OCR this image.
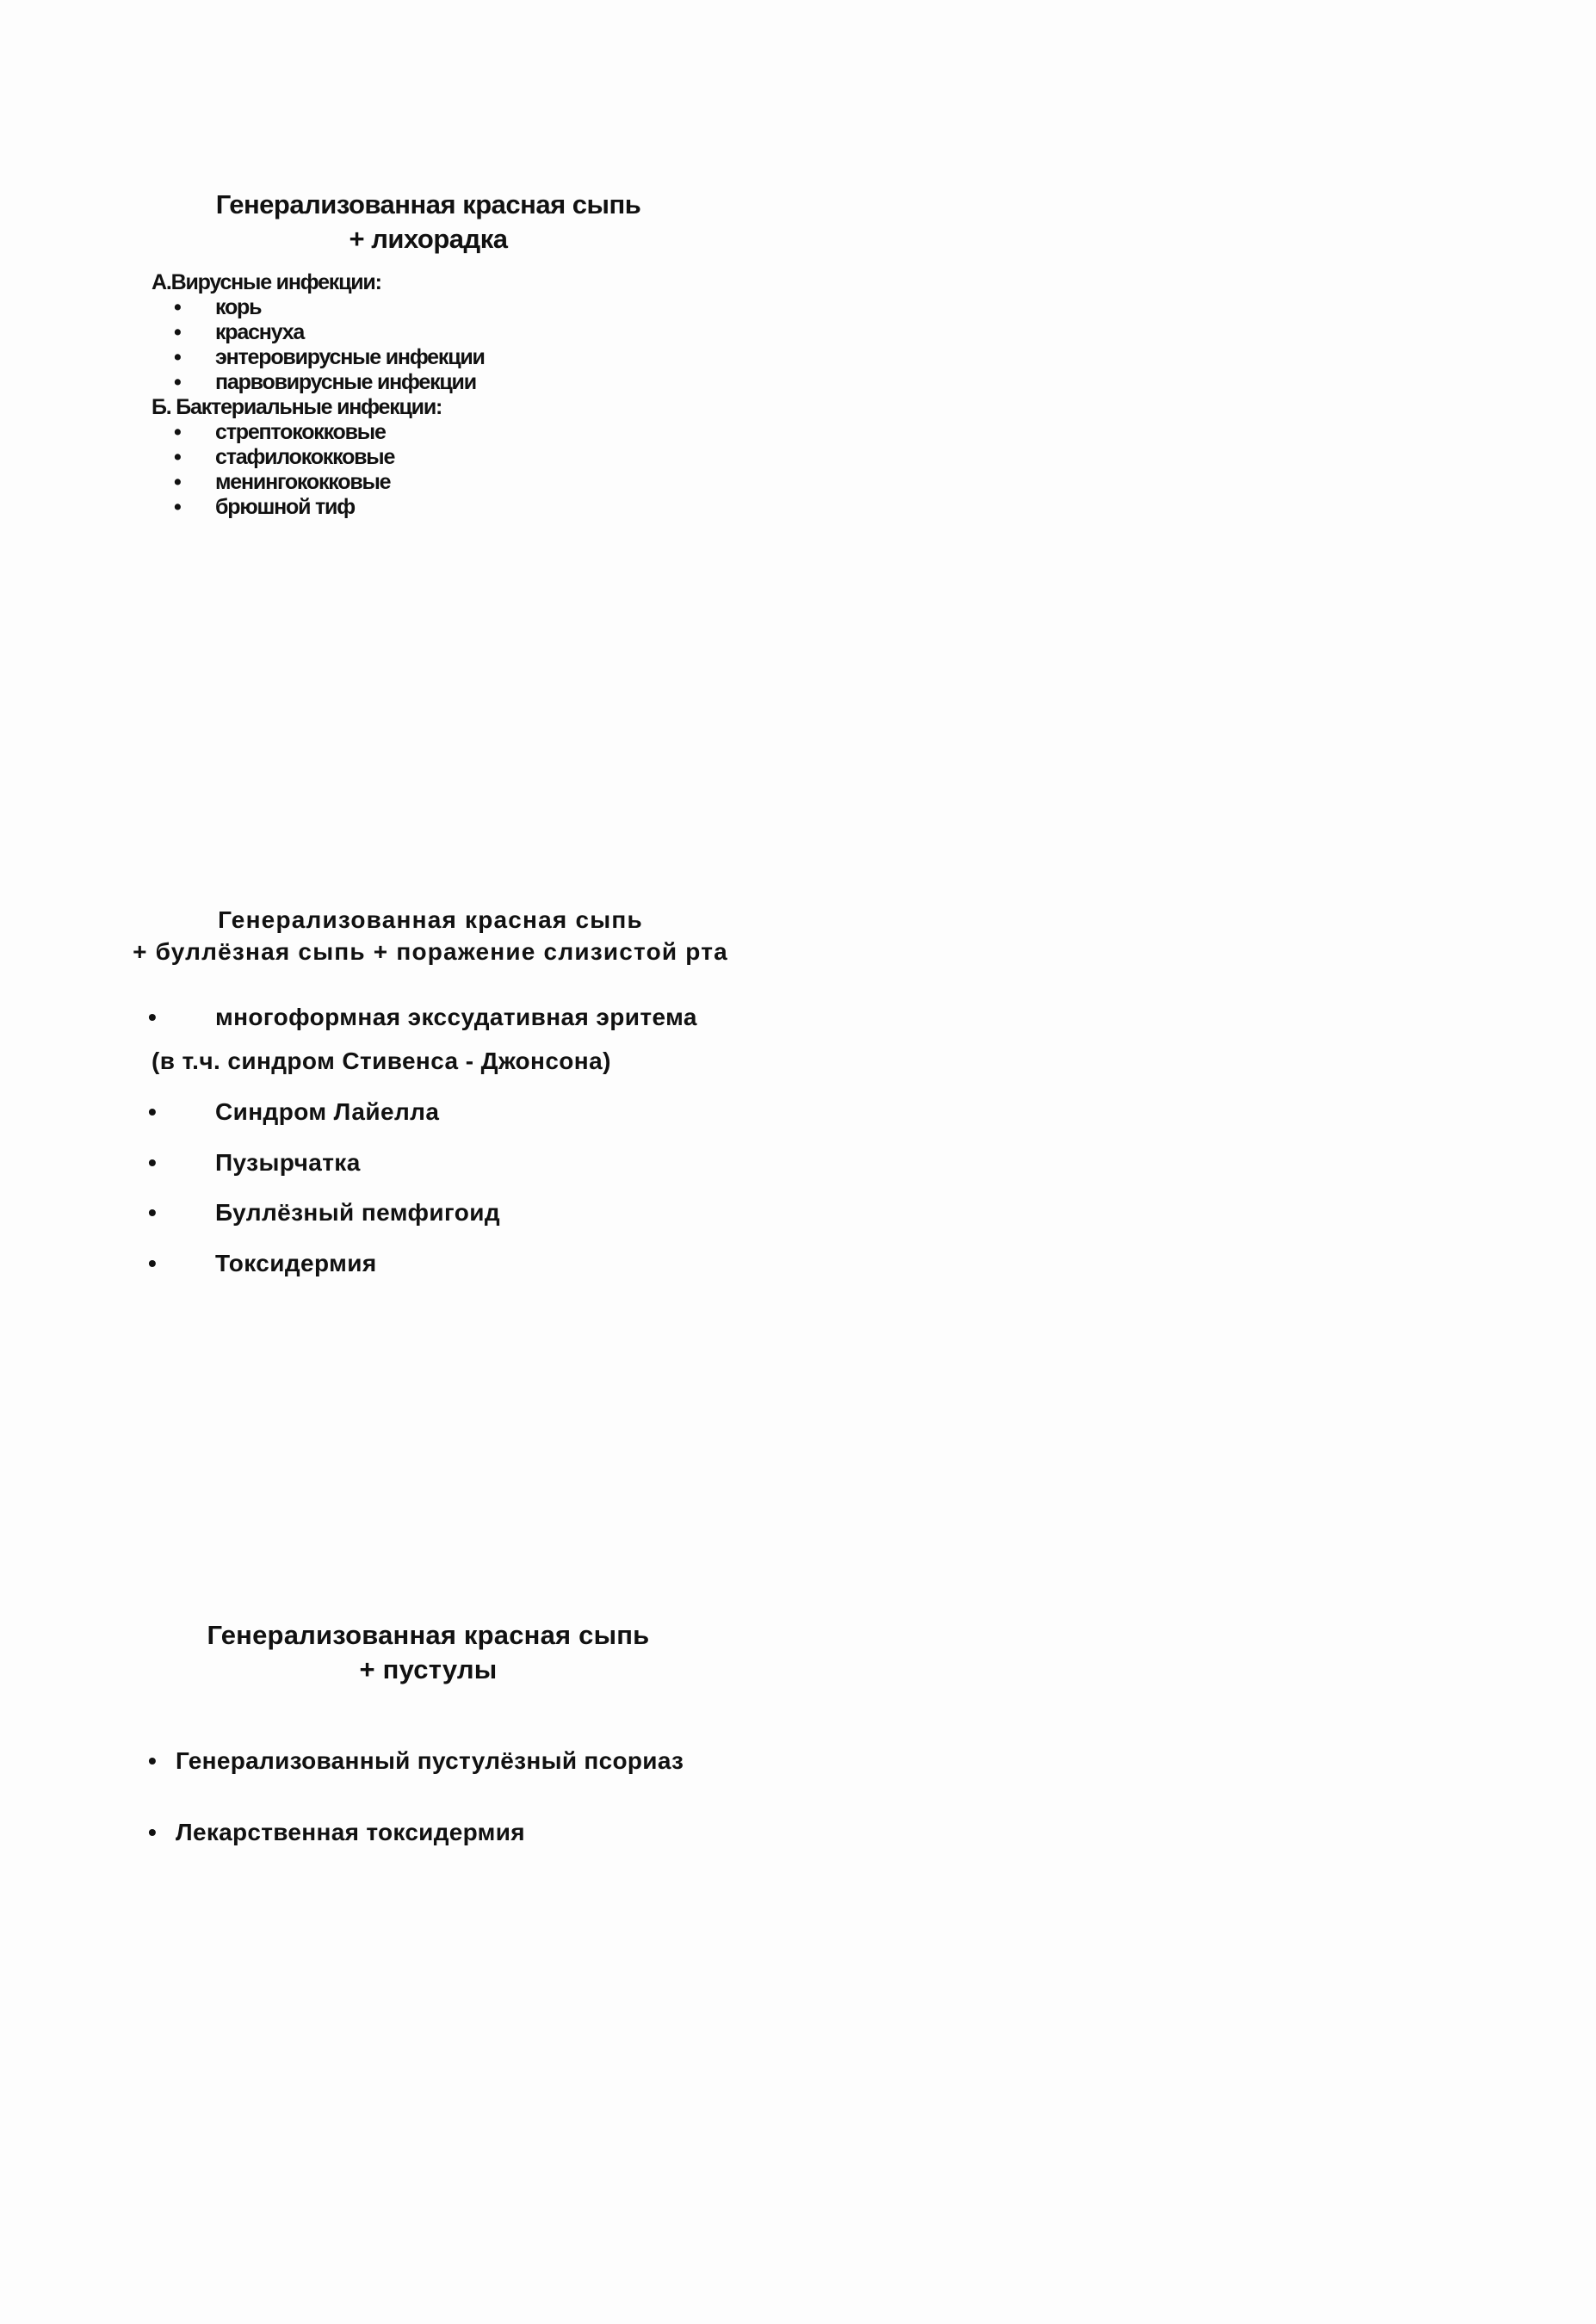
Генерализованная красная сыпь
+ лихорадка
А.Вирусные инфекции:
• корь
• краснуха
• энтеровирусные инфекции
• парвовирусные инфекции
Б. Бактериальные инфекции:
• стрептококковые
• стафилококковые
• менингококковые
• брюшной тиф
Генерализованная красная сыпь
+ буллёзная сыпь + поражение слизистой рта
• многоформная экссудативная эритема
(в т.ч. синдром Стивенса - Джонсона)
• Синдром Лайелла
• Пузырчатка
• Буллёзный пемфигоид
• Токсидермия
Генерализованная красная сыпь
+ пустулы
• Генерализованный пустулёзный псориаз
• Лекарственная токсидермия
